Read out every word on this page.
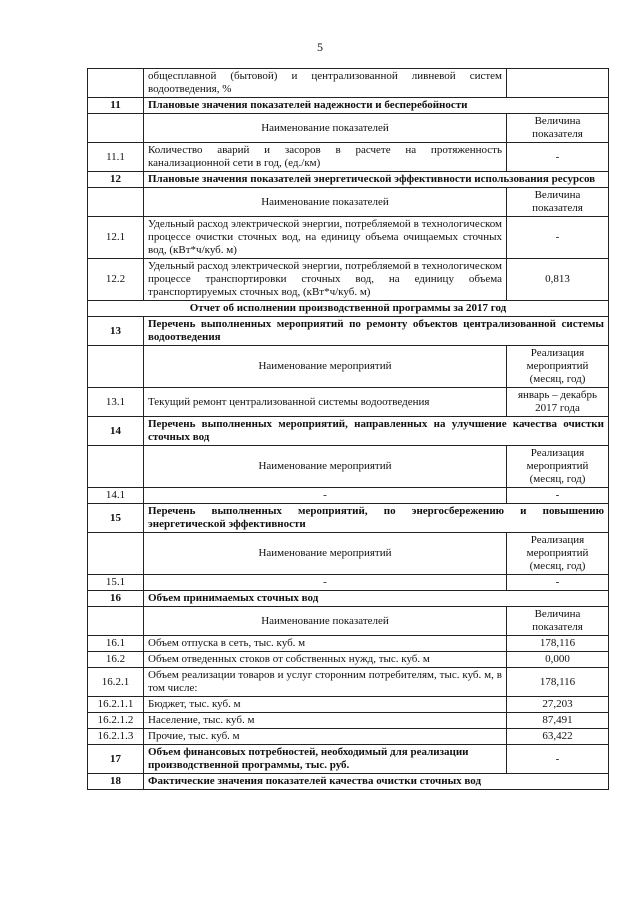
5
	общесплавной (бытовой) и централизованной ливневой систем водоотведения, %	
11	Плановые значения показателей надежности и бесперебойности	
	Наименование показателей	Величина показателя
11.1	Количество аварий и засоров в расчете на протяженность канализационной сети в год, (ед./км)	-
12	Плановые значения показателей энергетической эффективности использования ресурсов	
	Наименование показателей	Величина показателя
12.1	Удельный расход электрической энергии, потребляемой в технологическом процессе очистки сточных вод, на единицу объема очищаемых сточных вод, (кВт*ч/куб. м)	-
12.2	Удельный расход электрической энергии, потребляемой в технологическом процессе транспортировки сточных вод, на единицу объема транспортируемых сточных вод, (кВт*ч/куб. м)	0,813
Отчет об исполнении производственной программы за 2017 год		
13	Перечень выполненных мероприятий по ремонту объектов централизованной системы водоотведения	
	Наименование мероприятий	Реализация мероприятий (месяц, год)
13.1	Текущий ремонт централизованной системы водоотведения	январь – декабрь 2017 года
14	Перечень выполненных мероприятий, направленных на улучшение качества очистки сточных вод	
	Наименование мероприятий	Реализация мероприятий (месяц, год)
14.1	-	-
15	Перечень выполненных мероприятий, по энергосбережению и повышению энергетической эффективности	
	Наименование мероприятий	Реализация мероприятий (месяц, год)
15.1	-	-
16	Объем принимаемых сточных вод	
	Наименование показателей	Величина показателя
16.1	Объем отпуска в сеть, тыс. куб. м	178,116
16.2	Объем отведенных стоков от собственных нужд, тыс. куб. м	0,000
16.2.1	Объем реализации товаров и услуг сторонним потребителям, тыс. куб. м, в том числе:	178,116
16.2.1.1	Бюджет, тыс. куб. м	27,203
16.2.1.2	Население, тыс. куб. м	87,491
16.2.1.3	Прочие, тыс. куб. м	63,422
17	Объем финансовых потребностей, необходимый для реализации производственной программы, тыс. руб.	-
18	Фактические значения показателей качества очистки сточных вод	
